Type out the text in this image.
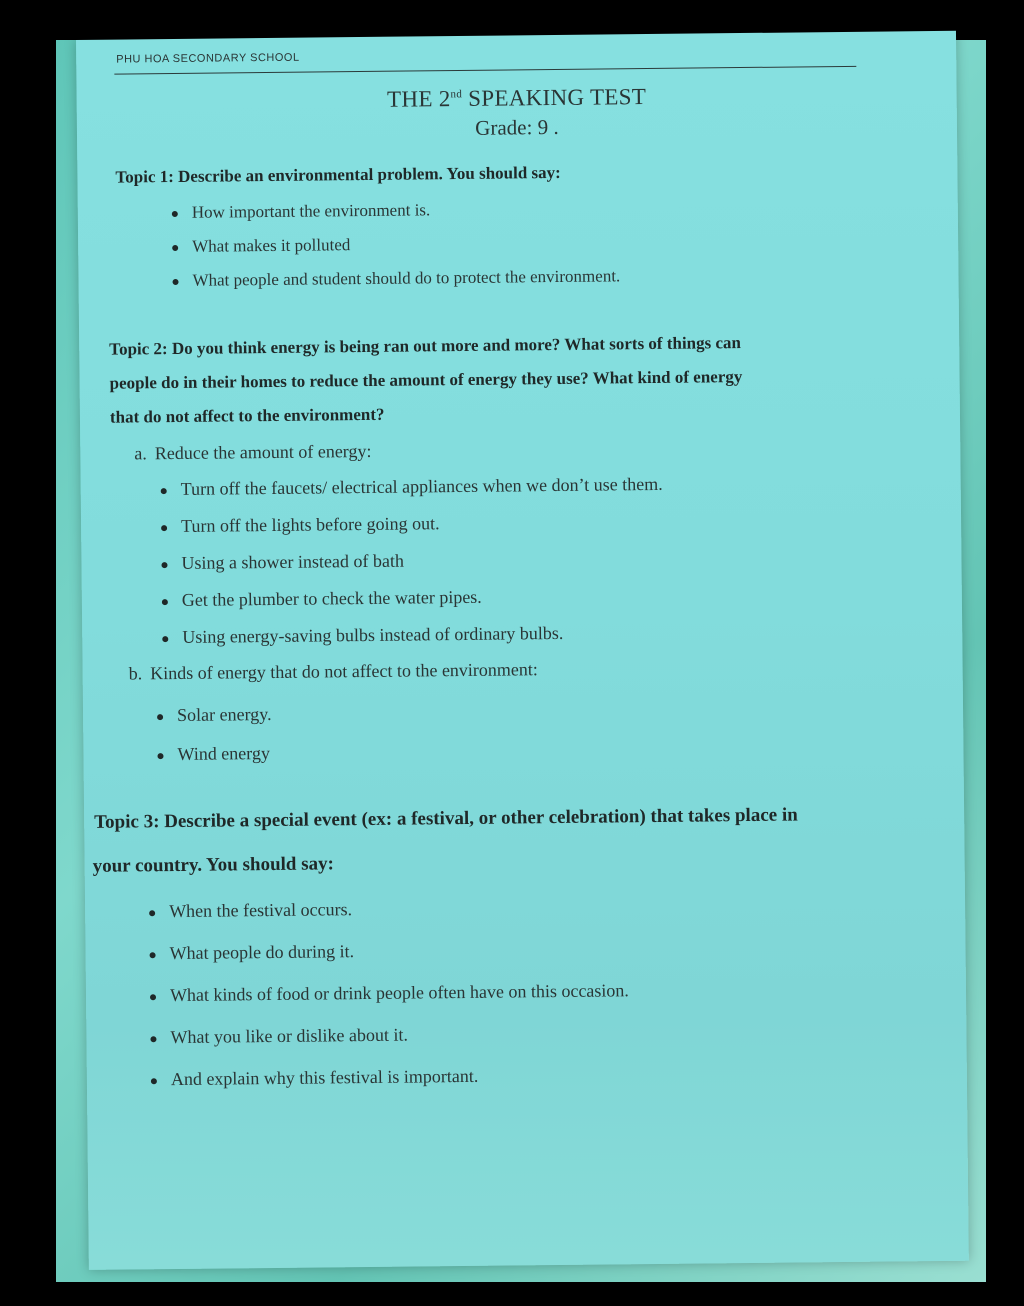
PHU HOA SECONDARY SCHOOL
THE 2nd SPEAKING TEST
Grade: 9 .
Topic 1: Describe an environmental problem. You should say:
How important the environment is.
What makes it polluted
What people and student should do to protect the environment.
Topic 2: Do you think energy is being ran out more and more? What sorts of things can
people do in their homes to reduce the amount of energy they use? What kind of energy
that do not affect to the environment?
a. Reduce the amount of energy:
Turn off the faucets/ electrical appliances when we don’t use them.
Turn off the lights before going out.
Using a shower instead of bath
Get the plumber to check the water pipes.
Using energy-saving bulbs instead of ordinary bulbs.
b. Kinds of energy that do not affect to the environment:
Solar energy.
Wind energy
Topic 3: Describe a special event (ex: a festival, or other celebration) that takes place in
your country. You should say:
When the festival occurs.
What people do during it.
What kinds of food or drink people often have on this occasion.
What you like or dislike about it.
And explain why this festival is important.
